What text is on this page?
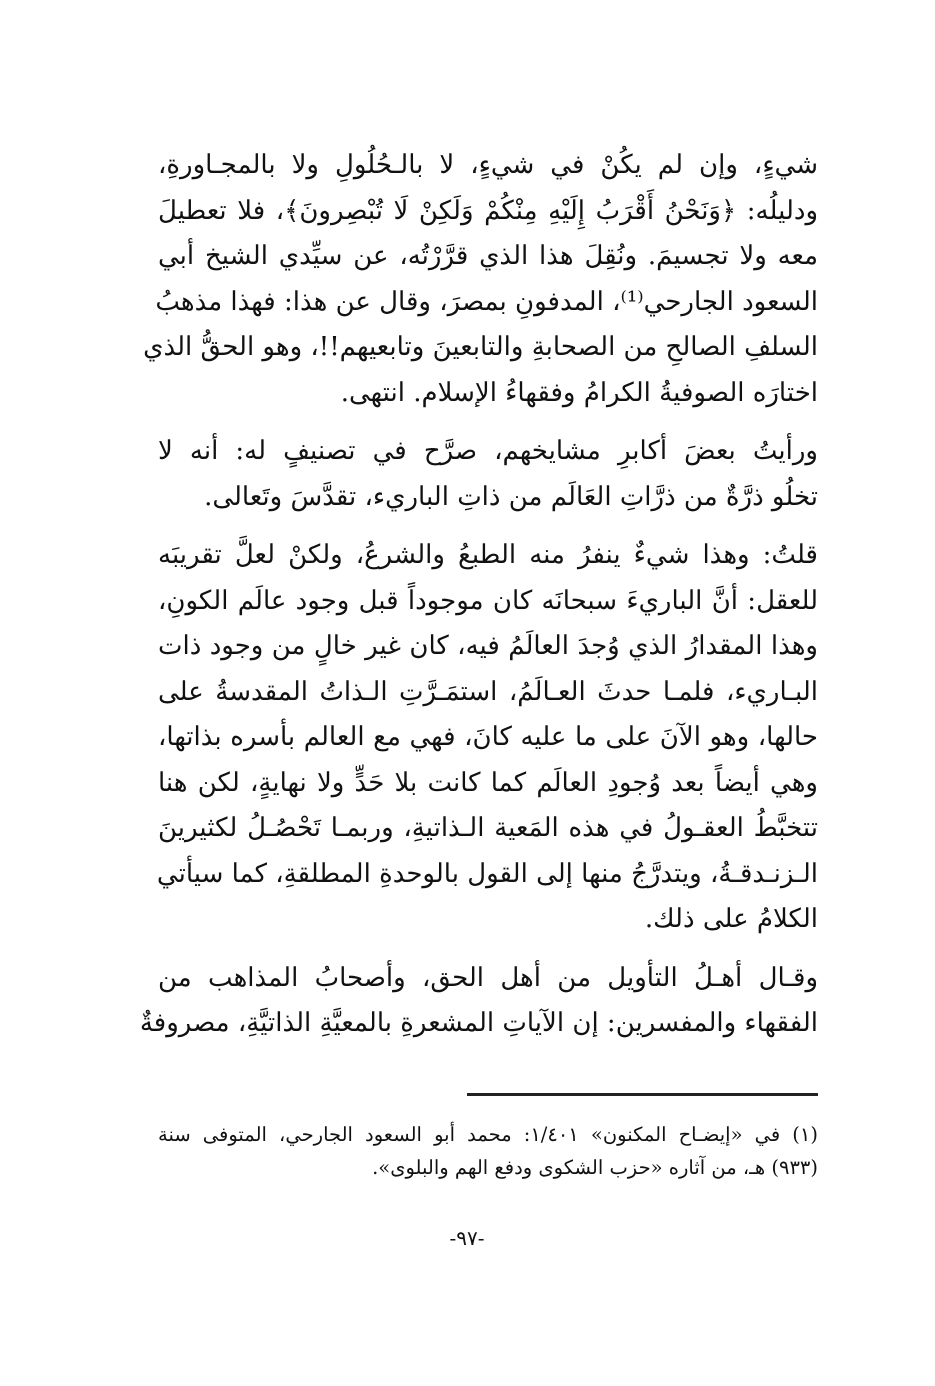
شيءٍ، وإن لم يكُنْ في شيءٍ، لا بالـحُلُولِ ولا بالمجـاورةِ،
ودليلُه: ﴿وَنَحْنُ أَقْرَبُ إِلَيْهِ مِنْكُمْ وَلَكِنْ لَا تُبْصِرونَ﴾، فلا تعطيلَ
معه ولا تجسيمَ. ونُقِلَ هذا الذي قرَّرْتُه، عن سيِّدي الشيخ أبي
السعود الجارحي⁽¹⁾، المدفونِ بمصرَ، وقال عن هذا: فهذا مذهبُ
السلفِ الصالحِ من الصحابةِ والتابعينَ وتابعيهم!!، وهو الحقُّ الذي
اختارَه الصوفيةُ الكرامُ وفقهاءُ الإسلام. انتهى.

ورأيتُ بعضَ أكابرِ مشايخهم، صرَّح في تصنيفٍ له: أنه لا
تخلُو ذرَّةٌ من ذرَّاتِ العَالَم من ذاتِ الباريء، تقدَّسَ وتَعالى.

قلتُ: وهذا شيءٌ ينفرُ منه الطبعُ والشرعُ، ولكنْ لعلَّ تقريبَه
للعقل: أنَّ الباريءَ سبحانَه كان موجوداً قبل وجود عالَم الكونِ،
وهذا المقدارُ الذي وُجدَ العالَمُ فيه، كان غير خالٍ من وجود ذات
البـاريء، فلمـا حدثَ العـالَمُ، استمَـرَّتِ الـذاتُ المقدسةُ على
حالها، وهو الآنَ على ما عليه كانَ، فهي مع العالم بأسره بذاتها،
وهي أيضاً بعد وُجودِ العالَم كما كانت بلا حَدٍّ ولا نهايةٍ، لكن هنا
تتخبَّطُ العقـولُ في هذه المَعية الـذاتيةِ، وربمـا تَحْصُـلُ لكثيرينَ
الـزنـدقـةُ، ويتدرَّجُ منها إلى القول بالوحدةِ المطلقةِ، كما سيأتي
الكلامُ على ذلك.

وقـال أهـلُ التأويل من أهل الحق، وأصحابُ المذاهب من
الفقهاء والمفسرين: إن الآياتِ المشعرةِ بالمعيَّةِ الذاتيَّةِ، مصروفةٌ

(١) في «إيضـاح المكنون» ١/٤٠١: محمد أبو السعود الجارحي، المتوفى سنة
(٩٣٣) هـ، من آثاره «حزب الشكوى ودفع الهم والبلوى».
-٩٧-
